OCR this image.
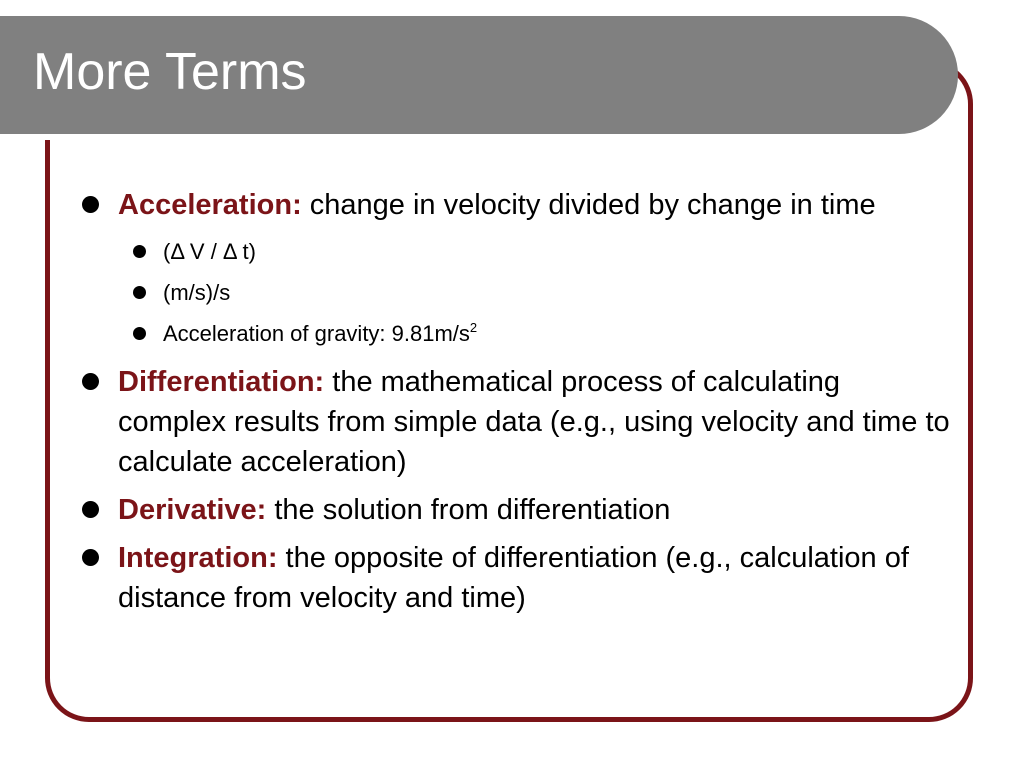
More Terms
Acceleration: change in velocity divided by change in time
(Δ V / Δ t)
(m/s)/s
Acceleration of gravity: $9.81m/s^2$
Differentiation: the mathematical process of calculating complex results from simple data (e.g., using velocity and time to calculate acceleration)
Derivative: the solution from differentiation
Integration: the opposite of differentiation (e.g., calculation of distance from velocity and time)
